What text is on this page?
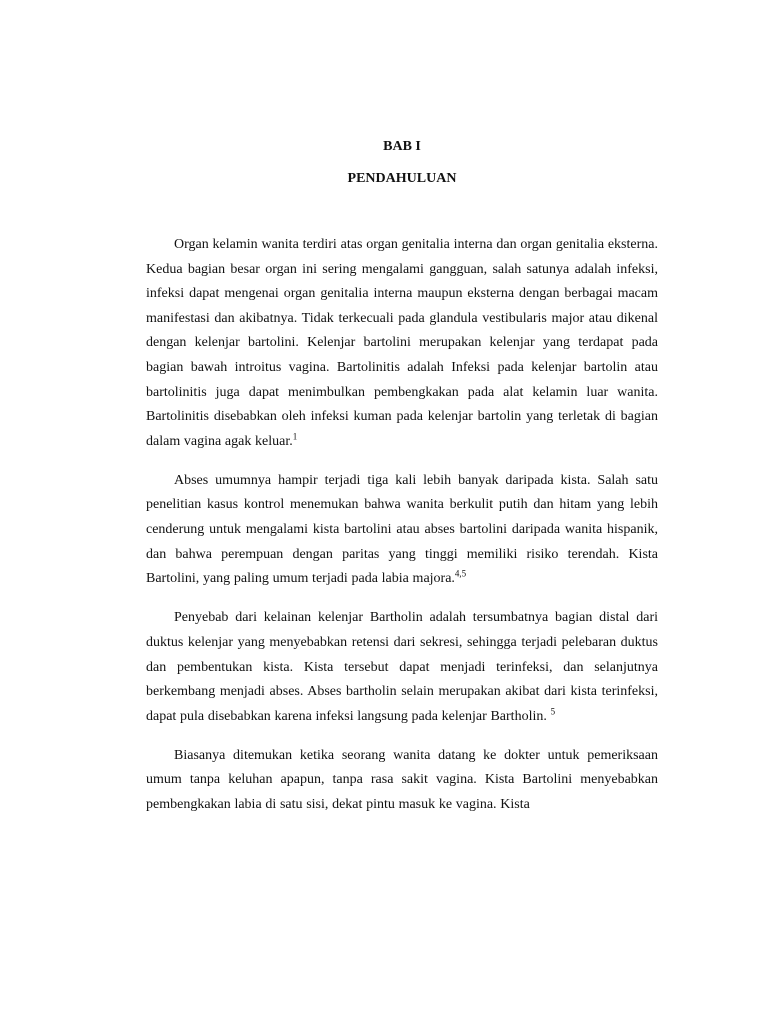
BAB I
PENDAHULUAN

Organ kelamin wanita terdiri atas organ genitalia interna dan organ genitalia eksterna. Kedua bagian besar organ ini sering mengalami gangguan, salah satunya adalah infeksi, infeksi dapat mengenai organ genitalia interna maupun eksterna dengan berbagai macam manifestasi dan akibatnya. Tidak terkecuali pada glandula vestibularis major atau dikenal dengan kelenjar bartolini. Kelenjar bartolini merupakan kelenjar yang terdapat pada bagian bawah introitus vagina. Bartolinitis adalah Infeksi pada kelenjar bartolin atau bartolinitis juga dapat menimbulkan pembengkakan pada alat kelamin luar wanita. Bartolinitis disebabkan oleh infeksi kuman pada kelenjar bartolin yang terletak di bagian dalam vagina agak keluar.$^1$

Abses umumnya hampir terjadi tiga kali lebih banyak daripada kista. Salah satu penelitian kasus kontrol menemukan bahwa wanita berkulit putih dan hitam yang lebih cenderung untuk mengalami kista bartolini atau abses bartolini daripada wanita hispanik, dan bahwa perempuan dengan paritas yang tinggi memiliki risiko terendah. Kista Bartolini, yang paling umum terjadi pada labia majora.$^{4,5}$

Penyebab dari kelainan kelenjar Bartholin adalah tersumbatnya bagian distal dari duktus kelenjar yang menyebabkan retensi dari sekresi, sehingga terjadi pelebaran duktus dan pembentukan kista. Kista tersebut dapat menjadi terinfeksi, dan selanjutnya berkembang menjadi abses. Abses bartholin selain merupakan akibat dari kista terinfeksi, dapat pula disebabkan karena infeksi langsung pada kelenjar Bartholin. $^5$

Biasanya ditemukan ketika seorang wanita datang ke dokter untuk pemeriksaan umum tanpa keluhan apapun, tanpa rasa sakit vagina. Kista Bartolini menyebabkan pembengkakan labia di satu sisi, dekat pintu masuk ke vagina. Kista
